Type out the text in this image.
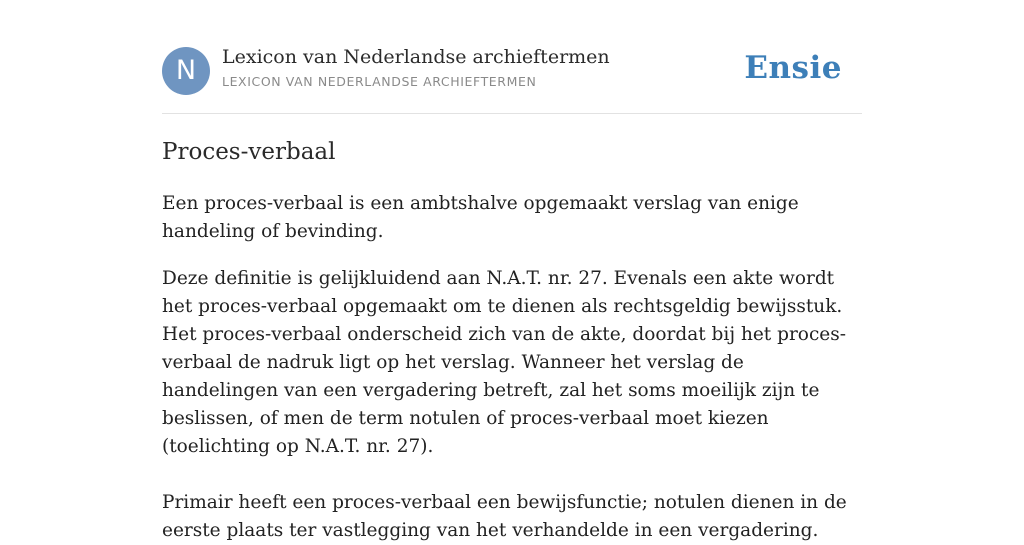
N	Lexicon van Nederlandse archieftermen
LEXICON VAN NEDERLANDSE ARCHIEFTERMEN	Ensie
Proces-verbaal

Een proces-verbaal is een ambtshalve opgemaakt verslag van enige handeling of bevinding.

Deze definitie is gelijkluidend aan N.A.T. nr. 27. Evenals een akte wordt het proces-verbaal opgemaakt om te dienen als rechtsgeldig bewijsstuk. Het proces-verbaal onderscheid zich van de akte, doordat bij het proces-verbaal de nadruk ligt op het verslag. Wanneer het verslag de handelingen van een vergadering betreft, zal het soms moeilijk zijn te beslissen, of men de term notulen of proces-verbaal moet kiezen (toelichting op N.A.T. nr. 27).

Primair heeft een proces-verbaal een bewijsfunctie; notulen dienen in de eerste plaats ter vastlegging van het verhandelde in een vergadering.
